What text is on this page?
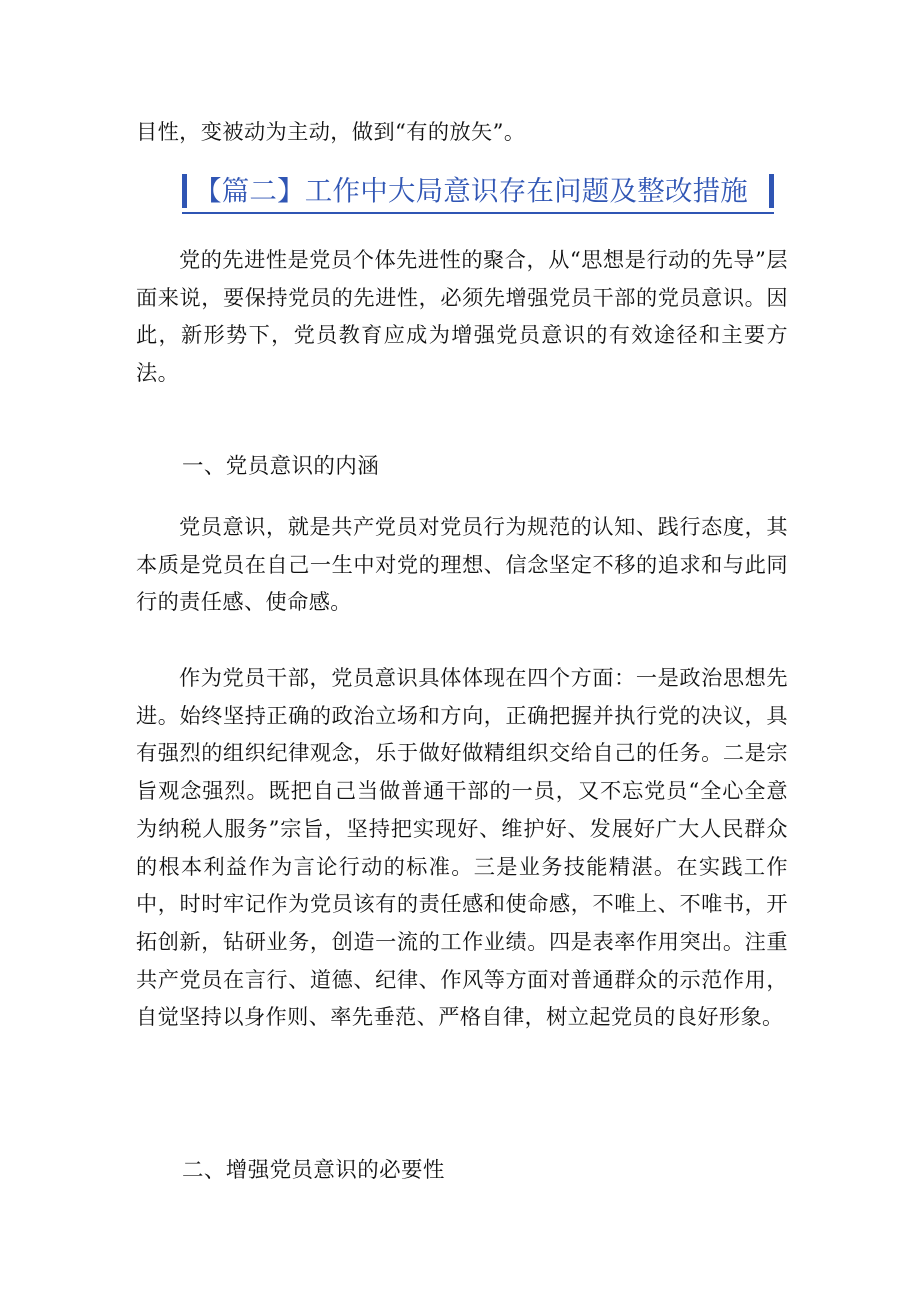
目性，变被动为主动，做到“有的放矢”。
【篇二】工作中大局意识存在问题及整改措施
党的先进性是党员个体先进性的聚合，从“思想是行动的先导”层面来说，要保持党员的先进性，必须先增强党员干部的党员意识。因此，新形势下，党员教育应成为增强党员意识的有效途径和主要方法。
一、党员意识的内涵
党员意识，就是共产党员对党员行为规范的认知、践行态度，其本质是党员在自己一生中对党的理想、信念坚定不移的追求和与此同行的责任感、使命感。
作为党员干部，党员意识具体体现在四个方面：一是政治思想先进。始终坚持正确的政治立场和方向，正确把握并执行党的决议，具有强烈的组织纪律观念，乐于做好做精组织交给自己的任务。二是宗旨观念强烈。既把自己当做普通干部的一员，又不忘党员“全心全意为纳税人服务”宗旨，坚持把实现好、维护好、发展好广大人民群众的根本利益作为言论行动的标准。三是业务技能精湛。在实践工作中，时时牢记作为党员该有的责任感和使命感，不唯上、不唯书，开拓创新，钻研业务，创造一流的工作业绩。四是表率作用突出。注重共产党员在言行、道德、纪律、作风等方面对普通群众的示范作用，自觉坚持以身作则、率先垂范、严格自律，树立起党员的良好形象。
二、增强党员意识的必要性
